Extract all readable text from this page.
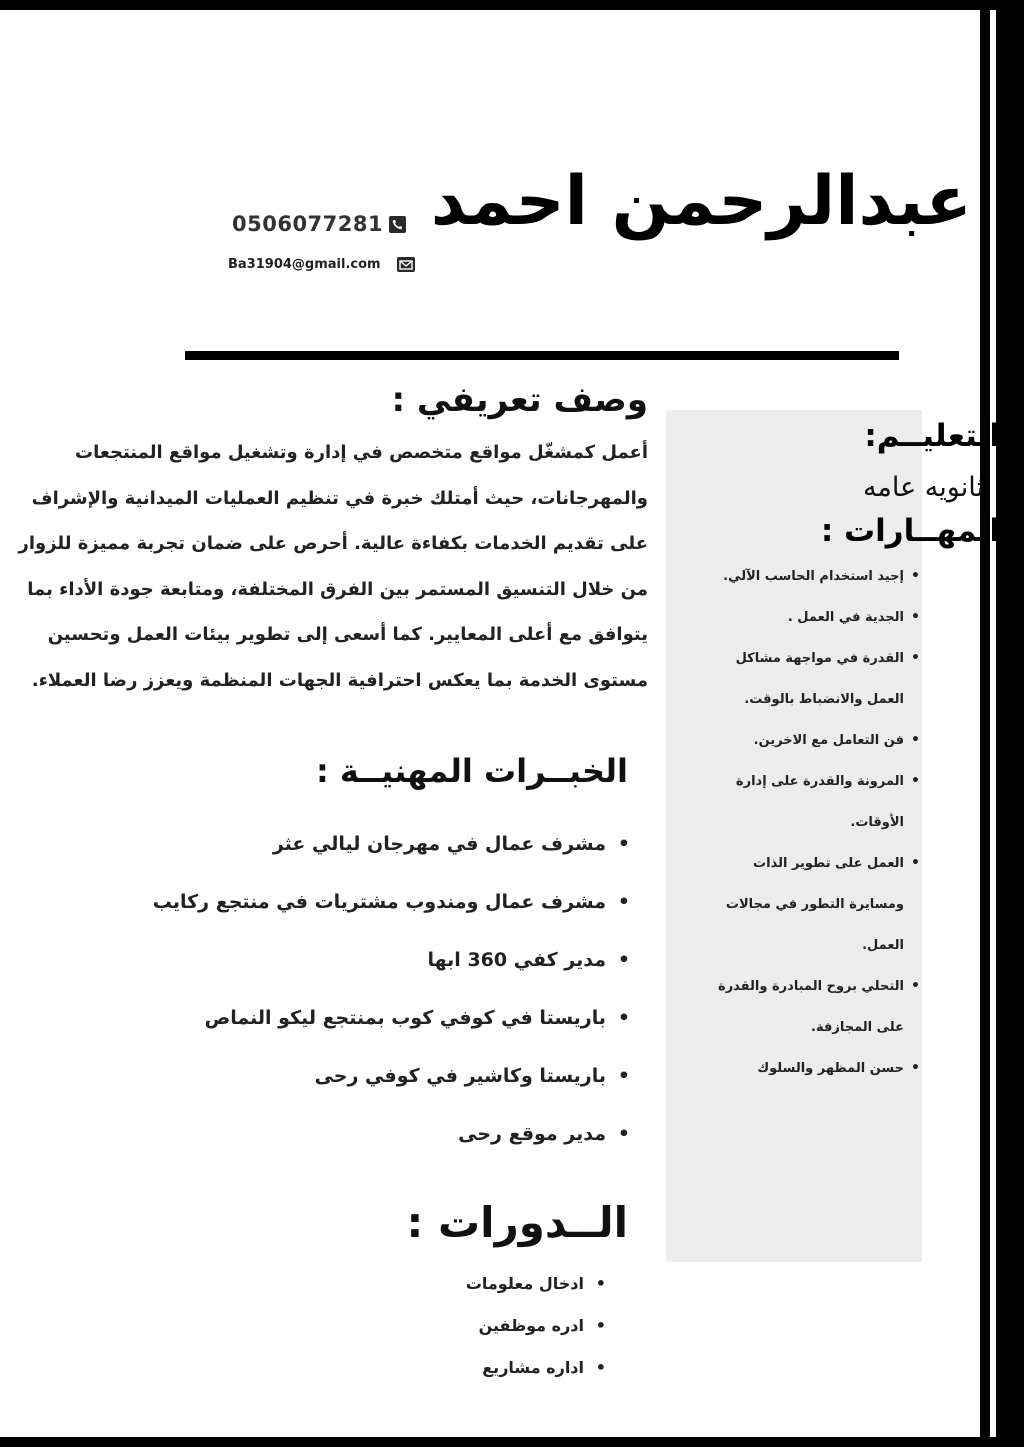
عبدالرحمن احمد
0506077281
Ba31904@gmail.com
التعليــم:
ثانويه عامه
المهــارات :
• إجيد استخدام الحاسب الآلي.
• الجدية في العمل .
• القدرة في مواجهة مشاكل العمل والانضباط بالوقت.
• فن التعامل مع الاخرين.
• المرونة والقدرة على إدارة الأوقات.
• العمل على تطوير الذات ومسايرة التطور في مجالات العمل.
• التحلي بروح المبادرة والقدرة على المجازفة.
• حسن المظهر والسلوك
وصف تعريفي :

أعمل كمشغّل مواقع متخصص في إدارة وتشغيل مواقع المنتجعات والمهرجانات، حيث أمتلك خبرة في تنظيم العمليات الميدانية والإشراف على تقديم الخدمات بكفاءة عالية. أحرص على ضمان تجربة مميزة للزوار من خلال التنسيق المستمر بين الفرق المختلفة، ومتابعة جودة الأداء بما يتوافق مع أعلى المعايير. كما أسعى إلى تطوير بيئات العمل وتحسين مستوى الخدمة بما يعكس احترافية الجهات المنظمة ويعزز رضا العملاء.

الخبــرات المهنيــة :
• مشرف عمال في مهرجان ليالي عثر
• مشرف عمال ومندوب مشتريات في منتجع ركايب
• مدير كفي 360 ابها
• باريستا في كوفي كوب بمنتجع ليكو النماص
• باريستا وكاشير في كوفي رحى
• مدير موقع رحى
الــدورات :
• ادخال معلومات
• ادره موظفين
• اداره مشاريع
